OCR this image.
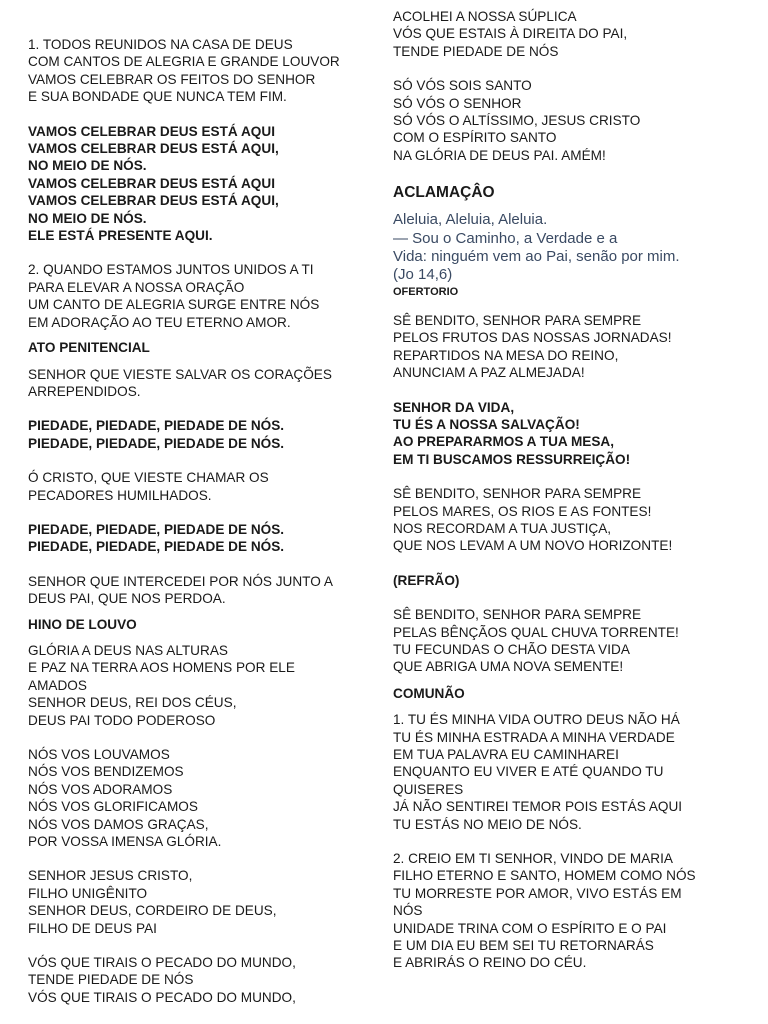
1. TODOS REUNIDOS NA CASA DE DEUS
COM CANTOS DE ALEGRIA E GRANDE LOUVOR
VAMOS CELEBRAR OS FEITOS DO SENHOR
E SUA BONDADE QUE NUNCA TEM FIM.

VAMOS CELEBRAR DEUS ESTÁ AQUI
VAMOS CELEBRAR DEUS ESTÁ AQUI,
NO MEIO DE NÓS.
VAMOS CELEBRAR DEUS ESTÁ AQUI
VAMOS CELEBRAR DEUS ESTÁ AQUI,
NO MEIO DE NÓS.
ELE ESTÁ PRESENTE AQUI.

2. QUANDO ESTAMOS JUNTOS UNIDOS A TI
PARA ELEVAR A NOSSA ORAÇÃO
UM CANTO DE ALEGRIA SURGE ENTRE NÓS
EM ADORAÇÃO AO TEU ETERNO AMOR.

ATO PENITENCIAL

SENHOR QUE VIESTE SALVAR OS CORAÇÕES
ARREPENDIDOS.

PIEDADE, PIEDADE, PIEDADE DE NÓS.
PIEDADE, PIEDADE, PIEDADE DE NÓS.

Ó CRISTO, QUE VIESTE CHAMAR OS
PECADORES HUMILHADOS.

PIEDADE, PIEDADE, PIEDADE DE NÓS.
PIEDADE, PIEDADE, PIEDADE DE NÓS.

SENHOR QUE INTERCEDEI POR NÓS JUNTO A
DEUS PAI, QUE NOS PERDOA.

HINO DE LOUVO

GLÓRIA A DEUS NAS ALTURAS
E PAZ NA TERRA AOS HOMENS POR ELE
AMADOS
SENHOR DEUS, REI DOS CÉUS,
DEUS PAI TODO PODEROSO

NÓS VOS LOUVAMOS
NÓS VOS BENDIZEMOS
NÓS VOS ADORAMOS
NÓS VOS GLORIFICAMOS
NÓS VOS DAMOS GRAÇAS,
POR VOSSA IMENSA GLÓRIA.

SENHOR JESUS CRISTO,
FILHO UNIGÊNITO
SENHOR DEUS, CORDEIRO DE DEUS,
FILHO DE DEUS PAI

VÓS QUE TIRAIS O PECADO DO MUNDO,
TENDE PIEDADE DE NÓS
VÓS QUE TIRAIS O PECADO DO MUNDO,

ACOLHEI A NOSSA SÚPLICA
VÓS QUE ESTAIS À DIREITA DO PAI,
TENDE PIEDADE DE NÓS

SÓ VÓS SOIS SANTO
SÓ VÓS O SENHOR
SÓ VÓS O ALTÍSSIMO, JESUS CRISTO
COM O ESPÍRITO SANTO
NA GLÓRIA DE DEUS PAI. AMÉM!

ACLAMAÇÂO

Aleluia, Aleluia, Aleluia.
— Sou o Caminho, a Verdade e a
Vida: ninguém vem ao Pai, senão por mim.
(Jo 14,6)

OFERTORIO

SÊ BENDITO, SENHOR PARA SEMPRE
PELOS FRUTOS DAS NOSSAS JORNADAS!
REPARTIDOS NA MESA DO REINO,
ANUNCIAM A PAZ ALMEJADA!

SENHOR DA VIDA,
TU ÉS A NOSSA SALVAÇÃO!
AO PREPARARMOS A TUA MESA,
EM TI BUSCAMOS RESSURREIÇÃO!

SÊ BENDITO, SENHOR PARA SEMPRE
PELOS MARES, OS RIOS E AS FONTES!
NOS RECORDAM A TUA JUSTIÇA,
QUE NOS LEVAM A UM NOVO HORIZONTE!

(REFRÃO)

SÊ BENDITO, SENHOR PARA SEMPRE
PELAS BÊNÇÃOS QUAL CHUVA TORRENTE!
TU FECUNDAS O CHÃO DESTA VIDA
QUE ABRIGA UMA NOVA SEMENTE!

COMUNÃO

1. TU ÉS MINHA VIDA OUTRO DEUS NÃO HÁ
TU ÉS MINHA ESTRADA A MINHA VERDADE
EM TUA PALAVRA EU CAMINHAREI
ENQUANTO EU VIVER E ATÉ QUANDO TU
QUISERES
JÁ NÃO SENTIREI TEMOR POIS ESTÁS AQUI
TU ESTÁS NO MEIO DE NÓS.

2. CREIO EM TI SENHOR, VINDO DE MARIA
FILHO ETERNO E SANTO, HOMEM COMO NÓS
TU MORRESTE POR AMOR, VIVO ESTÁS EM
NÓS
UNIDADE TRINA COM O ESPÍRITO E O PAI
E UM DIA EU BEM SEI TU RETORNARÁS
E ABRIRÁS O REINO DO CÉU.
